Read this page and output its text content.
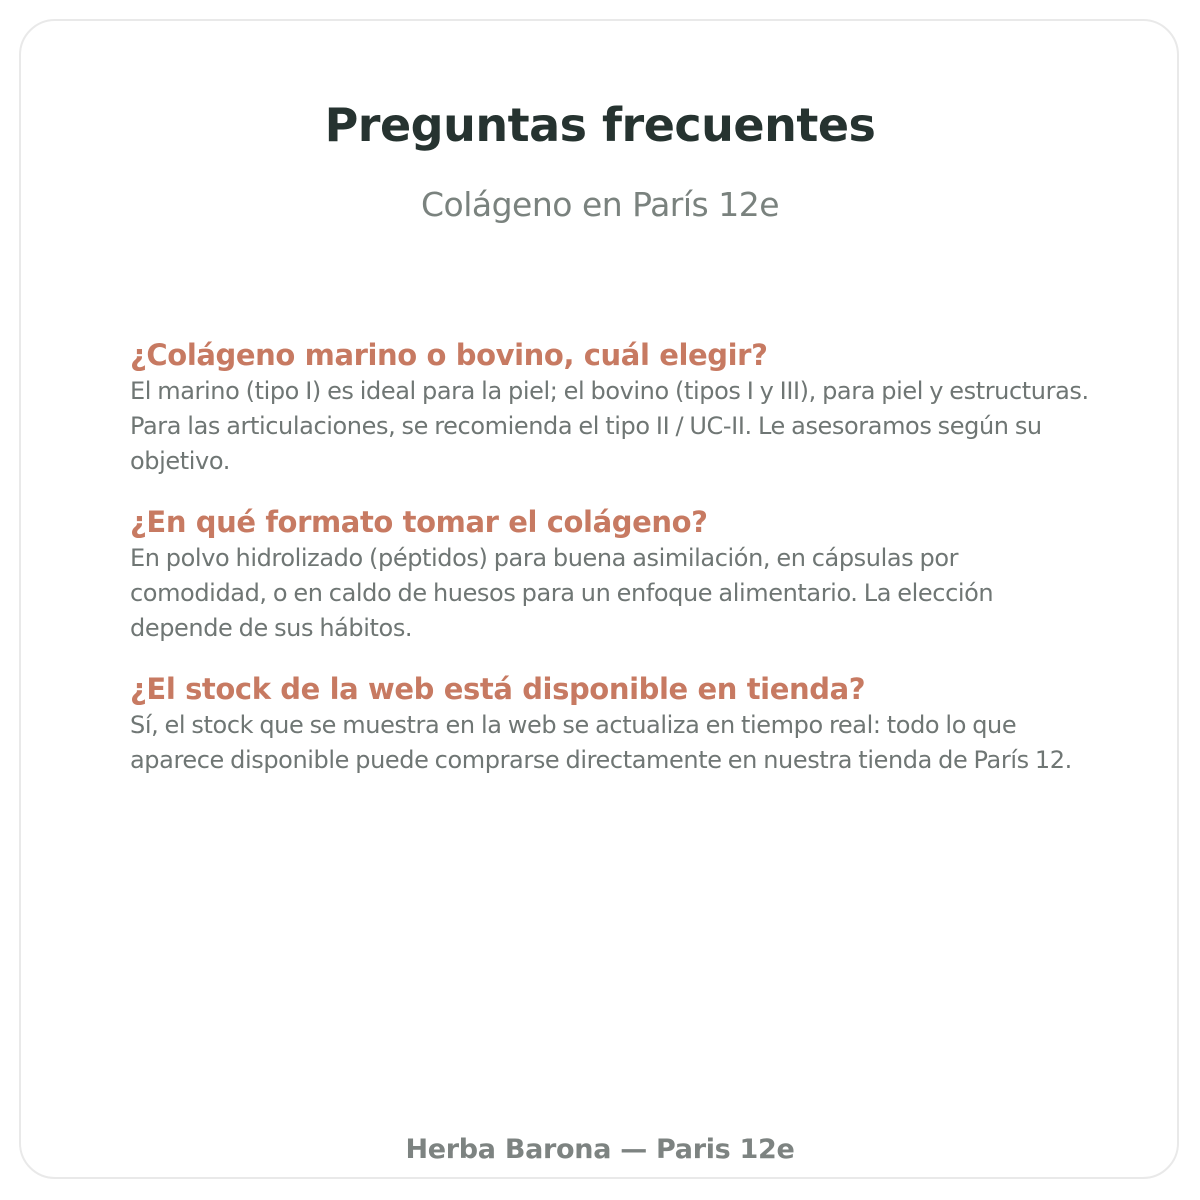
Preguntas frecuentes
Colágeno en París 12e
¿Colágeno marino o bovino, cuál elegir?

El marino (tipo I) es ideal para la piel; el bovino (tipos I y III), para piel y estructuras. Para las articulaciones, se recomienda el tipo II / UC-II. Le asesoramos según su objetivo.

¿En qué formato tomar el colágeno?

En polvo hidrolizado (péptidos) para buena asimilación, en cápsulas por comodidad, o en caldo de huesos para un enfoque alimentario. La elección depende de sus hábitos.

¿El stock de la web está disponible en tienda?

Sí, el stock que se muestra en la web se actualiza en tiempo real: todo lo que aparece disponible puede comprarse directamente en nuestra tienda de París 12.

Herba Barona — Paris 12e
